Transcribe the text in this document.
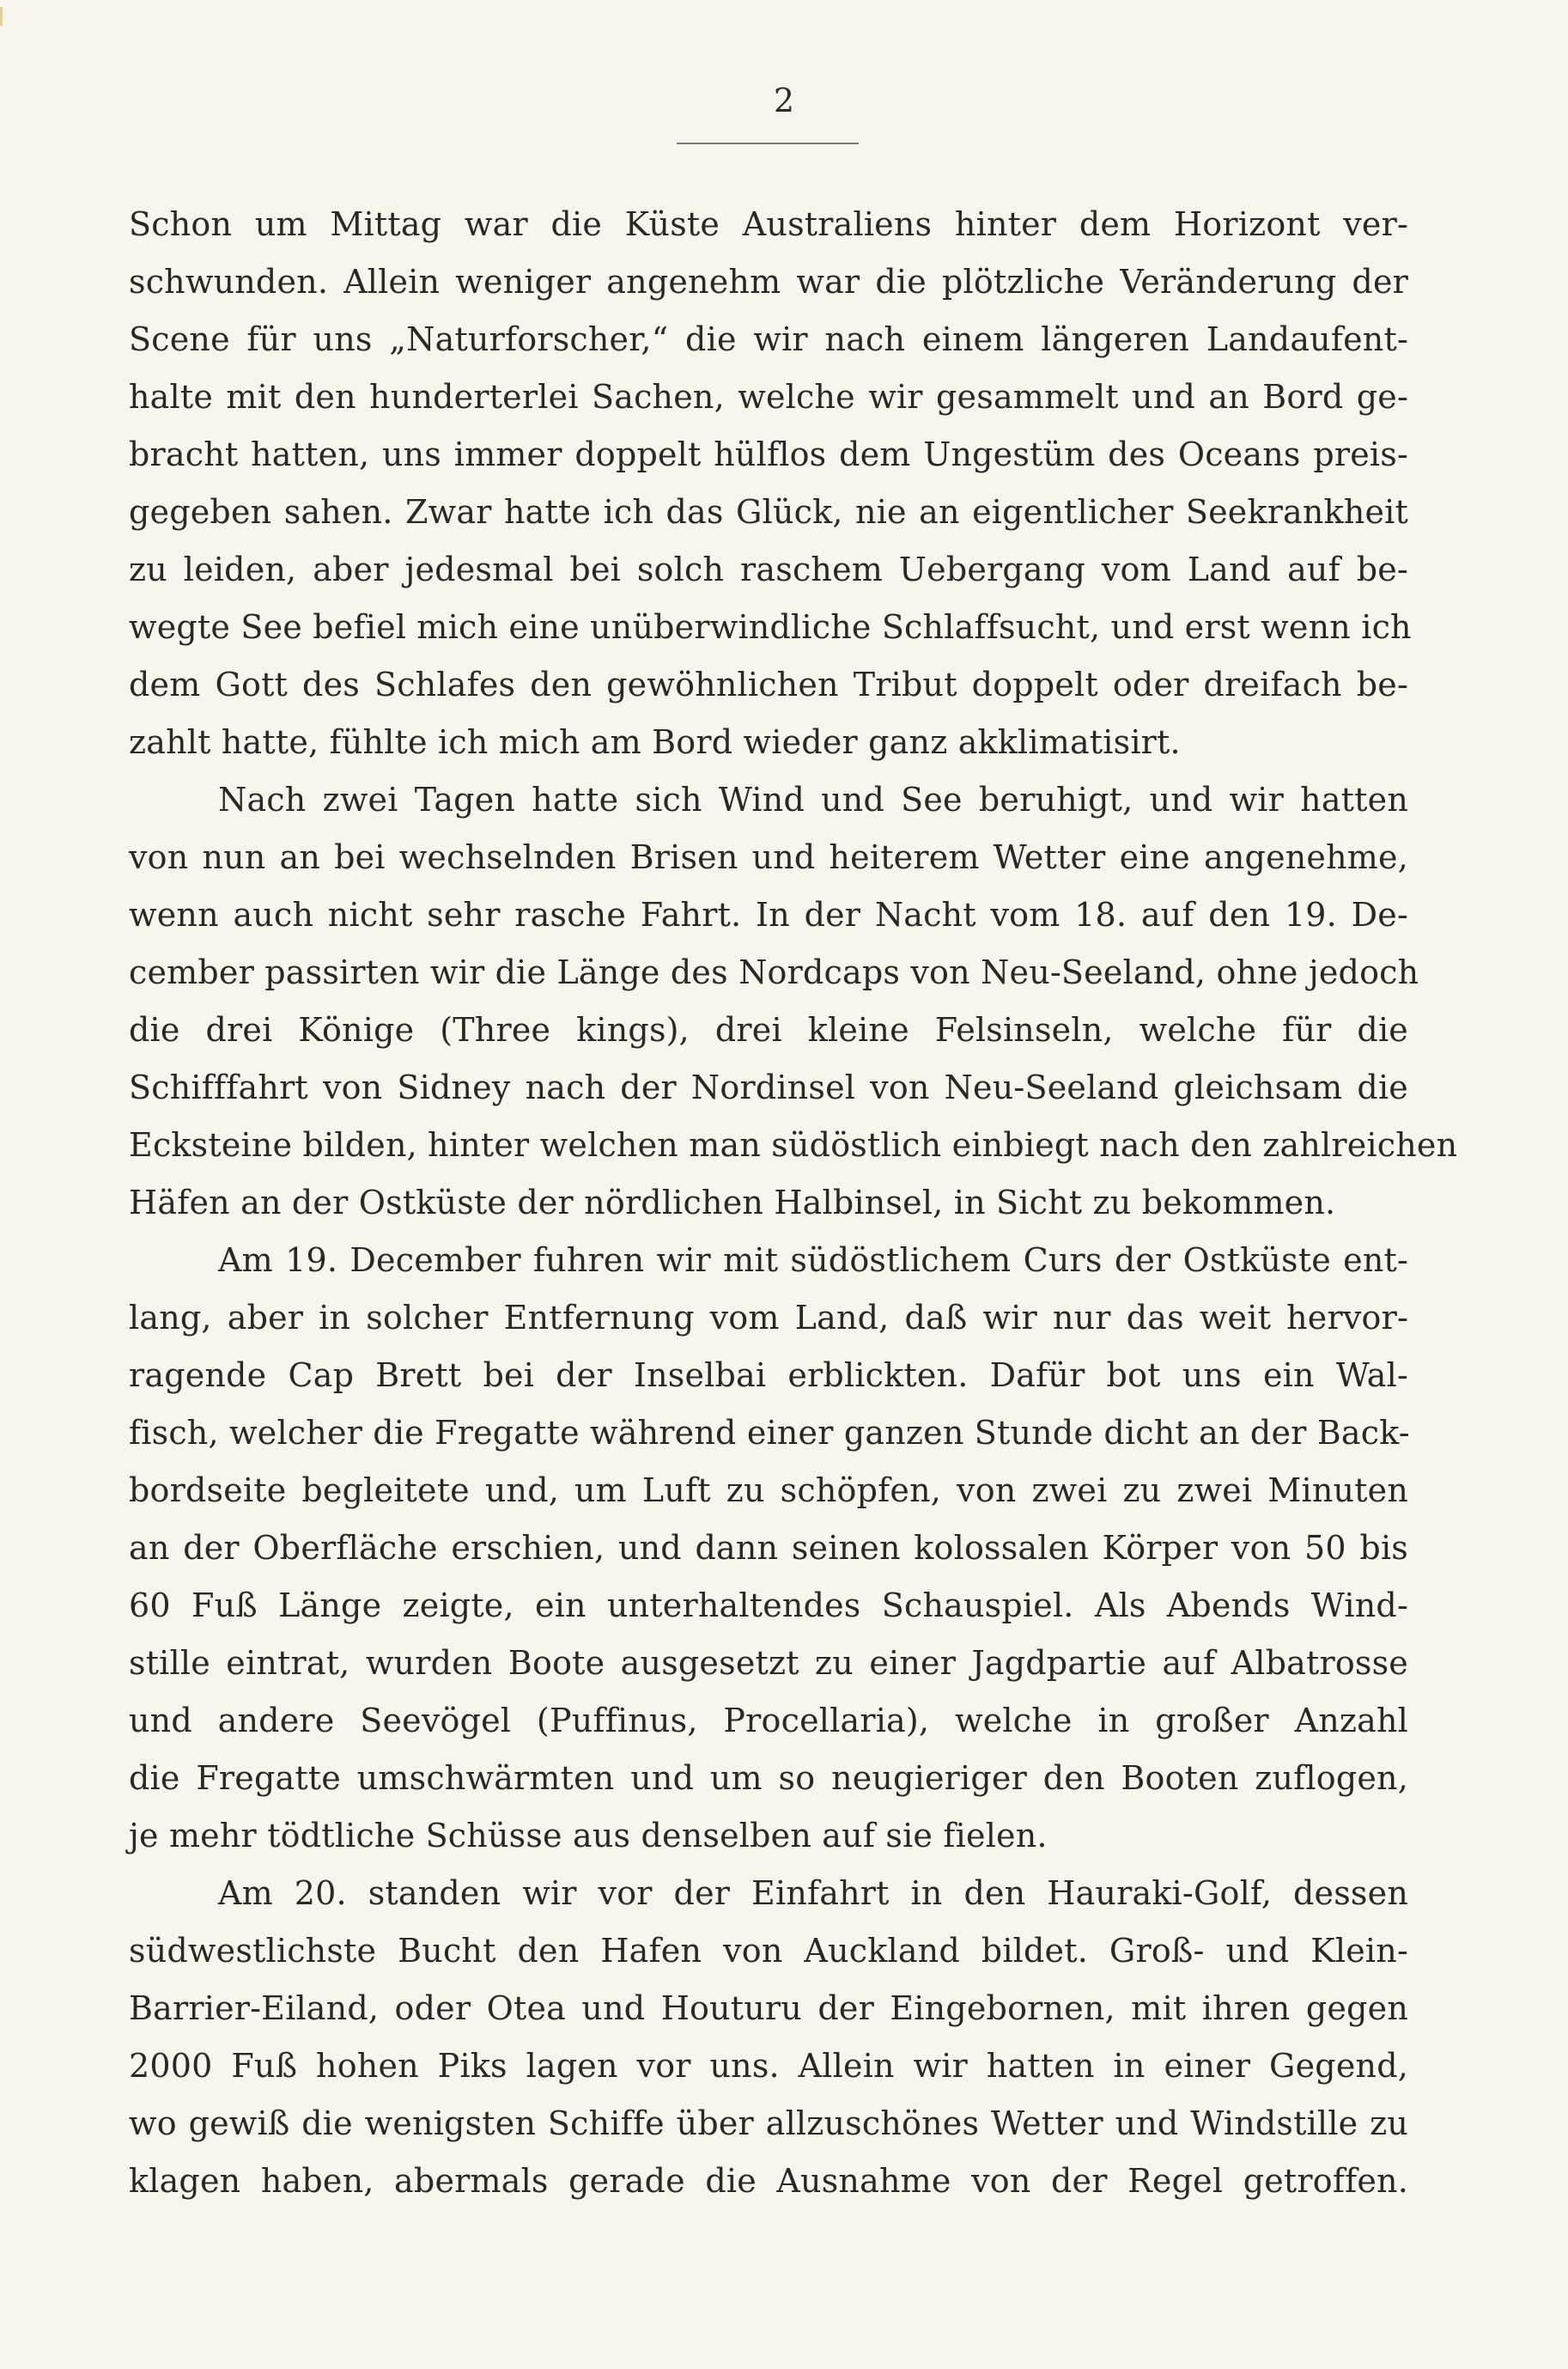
2
Schon um Mittag war die Küste Australiens hinter dem Horizont ver-
schwunden. Allein weniger angenehm war die plötzliche Veränderung der
Scene für uns „Naturforscher,“ die wir nach einem längeren Landaufent-
halte mit den hunderterlei Sachen, welche wir gesammelt und an Bord ge-
bracht hatten, uns immer doppelt hülflos dem Ungestüm des Oceans preis-
gegeben sahen. Zwar hatte ich das Glück, nie an eigentlicher Seekrankheit
zu leiden, aber jedesmal bei solch raschem Uebergang vom Land auf be-
wegte See befiel mich eine unüberwindliche Schlaffsucht, und erst wenn ich
dem Gott des Schlafes den gewöhnlichen Tribut doppelt oder dreifach be-
zahlt hatte, fühlte ich mich am Bord wieder ganz akklimatisirt.
Nach zwei Tagen hatte sich Wind und See beruhigt, und wir hatten
von nun an bei wechselnden Brisen und heiterem Wetter eine angenehme,
wenn auch nicht sehr rasche Fahrt. In der Nacht vom 18. auf den 19. De-
cember passirten wir die Länge des Nordcaps von Neu-Seeland, ohne jedoch
die drei Könige (Three kings), drei kleine Felsinseln, welche für die
Schifffahrt von Sidney nach der Nordinsel von Neu-Seeland gleichsam die
Ecksteine bilden, hinter welchen man südöstlich einbiegt nach den zahlreichen
Häfen an der Ostküste der nördlichen Halbinsel, in Sicht zu bekommen.
Am 19. December fuhren wir mit südöstlichem Curs der Ostküste ent-
lang, aber in solcher Entfernung vom Land, daß wir nur das weit hervor-
ragende Cap Brett bei der Inselbai erblickten. Dafür bot uns ein Wal-
fisch, welcher die Fregatte während einer ganzen Stunde dicht an der Back-
bordseite begleitete und, um Luft zu schöpfen, von zwei zu zwei Minuten
an der Oberfläche erschien, und dann seinen kolossalen Körper von 50 bis
60 Fuß Länge zeigte, ein unterhaltendes Schauspiel. Als Abends Wind-
stille eintrat, wurden Boote ausgesetzt zu einer Jagdpartie auf Albatrosse
und andere Seevögel (Puffinus, Procellaria), welche in großer Anzahl
die Fregatte umschwärmten und um so neugieriger den Booten zuflogen,
je mehr tödtliche Schüsse aus denselben auf sie fielen.
Am 20. standen wir vor der Einfahrt in den Hauraki-Golf, dessen
südwestlichste Bucht den Hafen von Auckland bildet. Groß- und Klein-
Barrier-Eiland, oder Otea und Houturu der Eingebornen, mit ihren gegen
2000 Fuß hohen Piks lagen vor uns. Allein wir hatten in einer Gegend,
wo gewiß die wenigsten Schiffe über allzuschönes Wetter und Windstille zu
klagen haben, abermals gerade die Ausnahme von der Regel getroffen.
